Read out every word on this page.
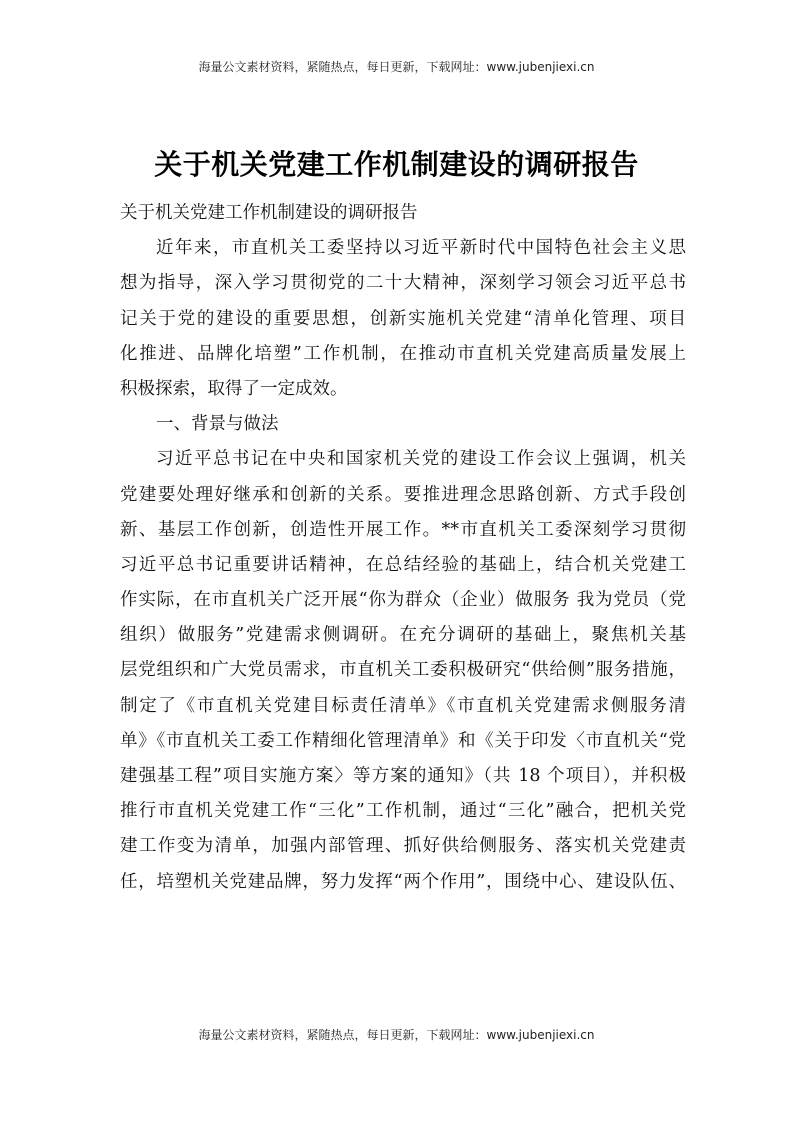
海量公文素材资料，紧随热点，每日更新，下载网址：www.jubenjiexi.cn
关于机关党建工作机制建设的调研报告
关于机关党建工作机制建设的调研报告
近年来，市直机关工委坚持以习近平新时代中国特色社会主义思
想为指导，深入学习贯彻党的二十大精神，深刻学习领会习近平总书
记关于党的建设的重要思想，创新实施机关党建“清单化管理、项目
化推进、品牌化培塑”工作机制，在推动市直机关党建高质量发展上
积极探索，取得了一定成效。
一、背景与做法
习近平总书记在中央和国家机关党的建设工作会议上强调，机关
党建要处理好继承和创新的关系。要推进理念思路创新、方式手段创
新、基层工作创新，创造性开展工作。**市直机关工委深刻学习贯彻
习近平总书记重要讲话精神，在总结经验的基础上，结合机关党建工
作实际，在市直机关广泛开展“你为群众（企业）做服务 我为党员（党
组织）做服务”党建需求侧调研。在充分调研的基础上，聚焦机关基
层党组织和广大党员需求，市直机关工委积极研究“供给侧”服务措施，
制定了《市直机关党建目标责任清单》《市直机关党建需求侧服务清
单》《市直机关工委工作精细化管理清单》和《关于印发〈市直机关“党
建强基工程”项目实施方案〉等方案的通知》（共 18 个项目），并积极
推行市直机关党建工作“三化”工作机制，通过“三化”融合，把机关党
建工作变为清单，加强内部管理、抓好供给侧服务、落实机关党建责
任，培塑机关党建品牌，努力发挥“两个作用”，围绕中心、建设队伍、
海量公文素材资料，紧随热点，每日更新，下载网址：www.jubenjiexi.cn
